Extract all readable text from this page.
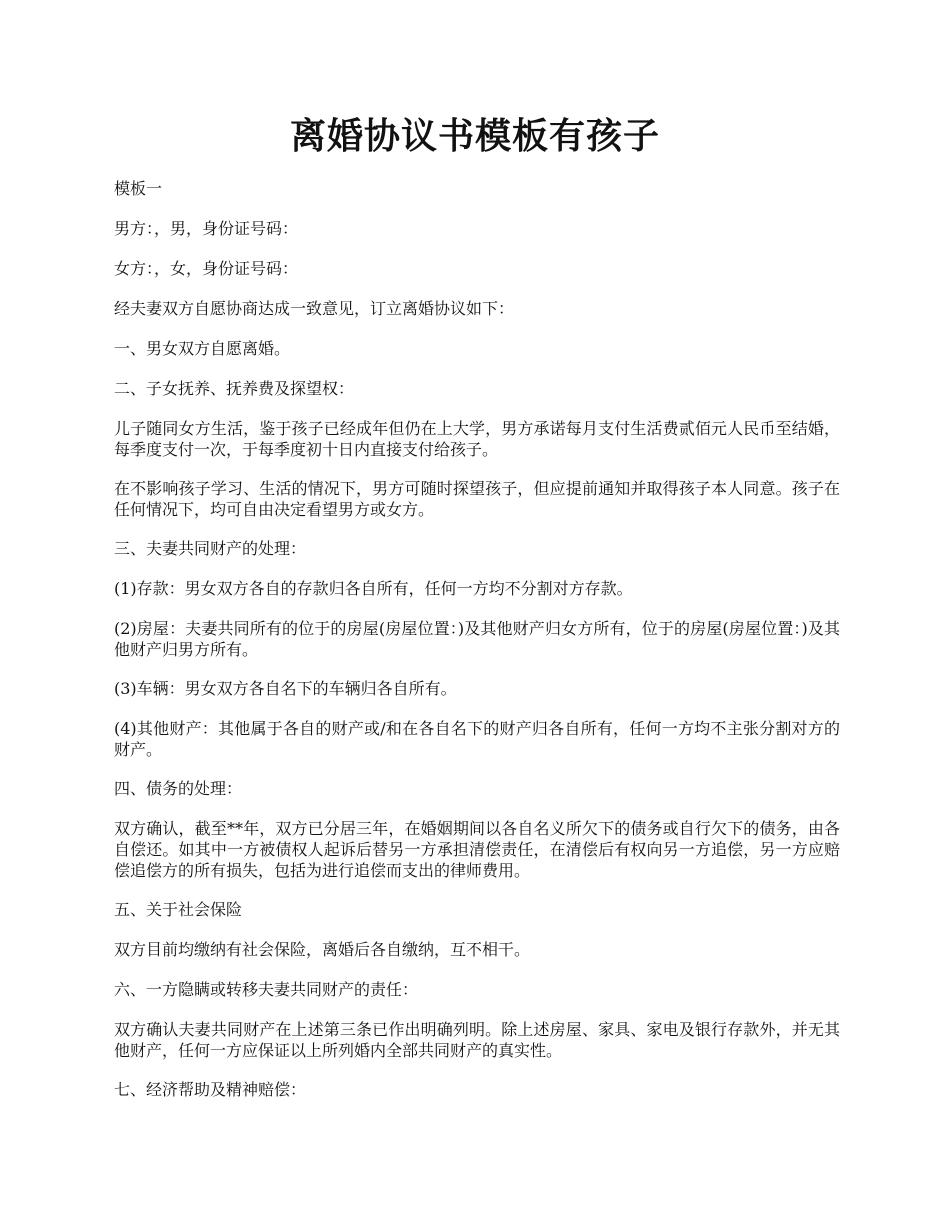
离婚协议书模板有孩子

模板一

男方：，男，身份证号码：

女方：，女，身份证号码：

经夫妻双方自愿协商达成一致意见，订立离婚协议如下：

一、男女双方自愿离婚。

二、子女抚养、抚养费及探望权：

儿子随同女方生活，鉴于孩子已经成年但仍在上大学，男方承诺每月支付生活费贰佰元人民币至结婚，每季度支付一次，于每季度初十日内直接支付给孩子。

在不影响孩子学习、生活的情况下，男方可随时探望孩子，但应提前通知并取得孩子本人同意。孩子在任何情况下，均可自由决定看望男方或女方。

三、夫妻共同财产的处理：

(1)存款：男女双方各自的存款归各自所有，任何一方均不分割对方存款。

(2)房屋：夫妻共同所有的位于的房屋(房屋位置：)及其他财产归女方所有，位于的房屋(房屋位置：)及其他财产归男方所有。

(3)车辆：男女双方各自名下的车辆归各自所有。

(4)其他财产：其他属于各自的财产或/和在各自名下的财产归各自所有，任何一方均不主张分割对方的财产。

四、债务的处理：

双方确认，截至**年，双方已分居三年，在婚姻期间以各自名义所欠下的债务或自行欠下的债务，由各自偿还。如其中一方被债权人起诉后替另一方承担清偿责任，在清偿后有权向另一方追偿，另一方应赔偿追偿方的所有损失，包括为进行追偿而支出的律师费用。

五、关于社会保险

双方目前均缴纳有社会保险，离婚后各自缴纳，互不相干。

六、一方隐瞒或转移夫妻共同财产的责任：

双方确认夫妻共同财产在上述第三条已作出明确列明。除上述房屋、家具、家电及银行存款外，并无其他财产，任何一方应保证以上所列婚内全部共同财产的真实性。

七、经济帮助及精神赔偿：
